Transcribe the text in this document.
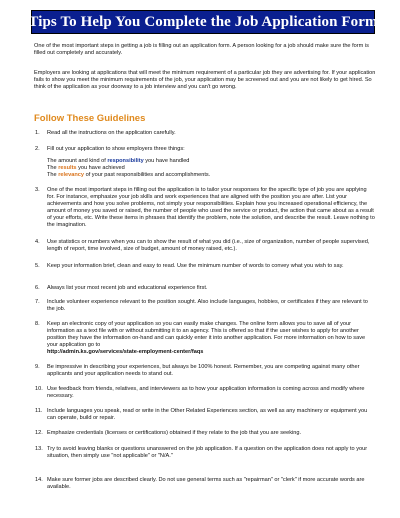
Tips To Help You Complete the Job Application Form

One of the most important steps in getting a job is filling out an application form. A person looking for a job should make sure the form is filled out completely and accurately.

Employers are looking at applications that will meet the minimum requirement of a particular job they are advertising for. If your application fails to show you meet the minimum requirements of the job, your application may be screened out and you are not likely to get hired. So think of the application as your doorway to a job interview and you can't go wrong.

Follow These Guidelines
1. Read all the instructions on the application carefully.
2. Fill out your application to show employers three things:
The amount and kind of responsibility you have handled
The results you have achieved
The relevancy of your past responsibilities and accomplishments.
3. One of the most important steps in filling out the application is to tailor your responses for the specific type of job you are applying for. For instance, emphasize your job skills and work experiences that are aligned with the position you are after. List your achievements and how you solve problems, not simply your responsibilities. Explain how you increased operational efficiency, the amount of money you saved or raised, the number of people who used the service or product, the action that came about as a result of your efforts, etc. Write these items in phrases that identify the problem, note the solution, and describe the result. Leave nothing to the imagination.
4. Use statistics or numbers when you can to show the result of what you did (i.e., size of organization, number of people supervised, length of report, time involved, size of budget, amount of money raised, etc.).
5. Keep your information brief, clean and easy to read. Use the minimum number of words to convey what you wish to say.
6. Always list your most recent job and educational experience first.
7. Include volunteer experience relevant to the position sought. Also include languages, hobbies, or certificates if they are relevant to the job.
8. Keep an electronic copy of your application so you can easily make changes. The online form allows you to save all of your information as a text file with or without submitting it to an agency. This is offered so that if the user wishes to apply for another position they have the information on-hand and can quickly enter it into another application. For more information on how to save your application go to
http://admin.ks.gov/services/state-employment-center/faqs
9. Be impressive in describing your experiences, but always be 100% honest. Remember, you are competing against many other applicants and your application needs to stand out.
10. Use feedback from friends, relatives, and interviewers as to how your application information is coming across and modify where necessary.
11. Include languages you speak, read or write in the Other Related Experiences section, as well as any machinery or equipment you can operate, build or repair.
12. Emphasize credentials (licenses or certifications) obtained if they relate to the job that you are seeking.
13. Try to avoid leaving blanks or questions unanswered on the job application. If a question on the application does not apply to your situation, then simply use "not applicable" or "N/A."
14. Make sure former jobs are described clearly. Do not use general terms such as "repairman" or "clerk" if more accurate words are available.
